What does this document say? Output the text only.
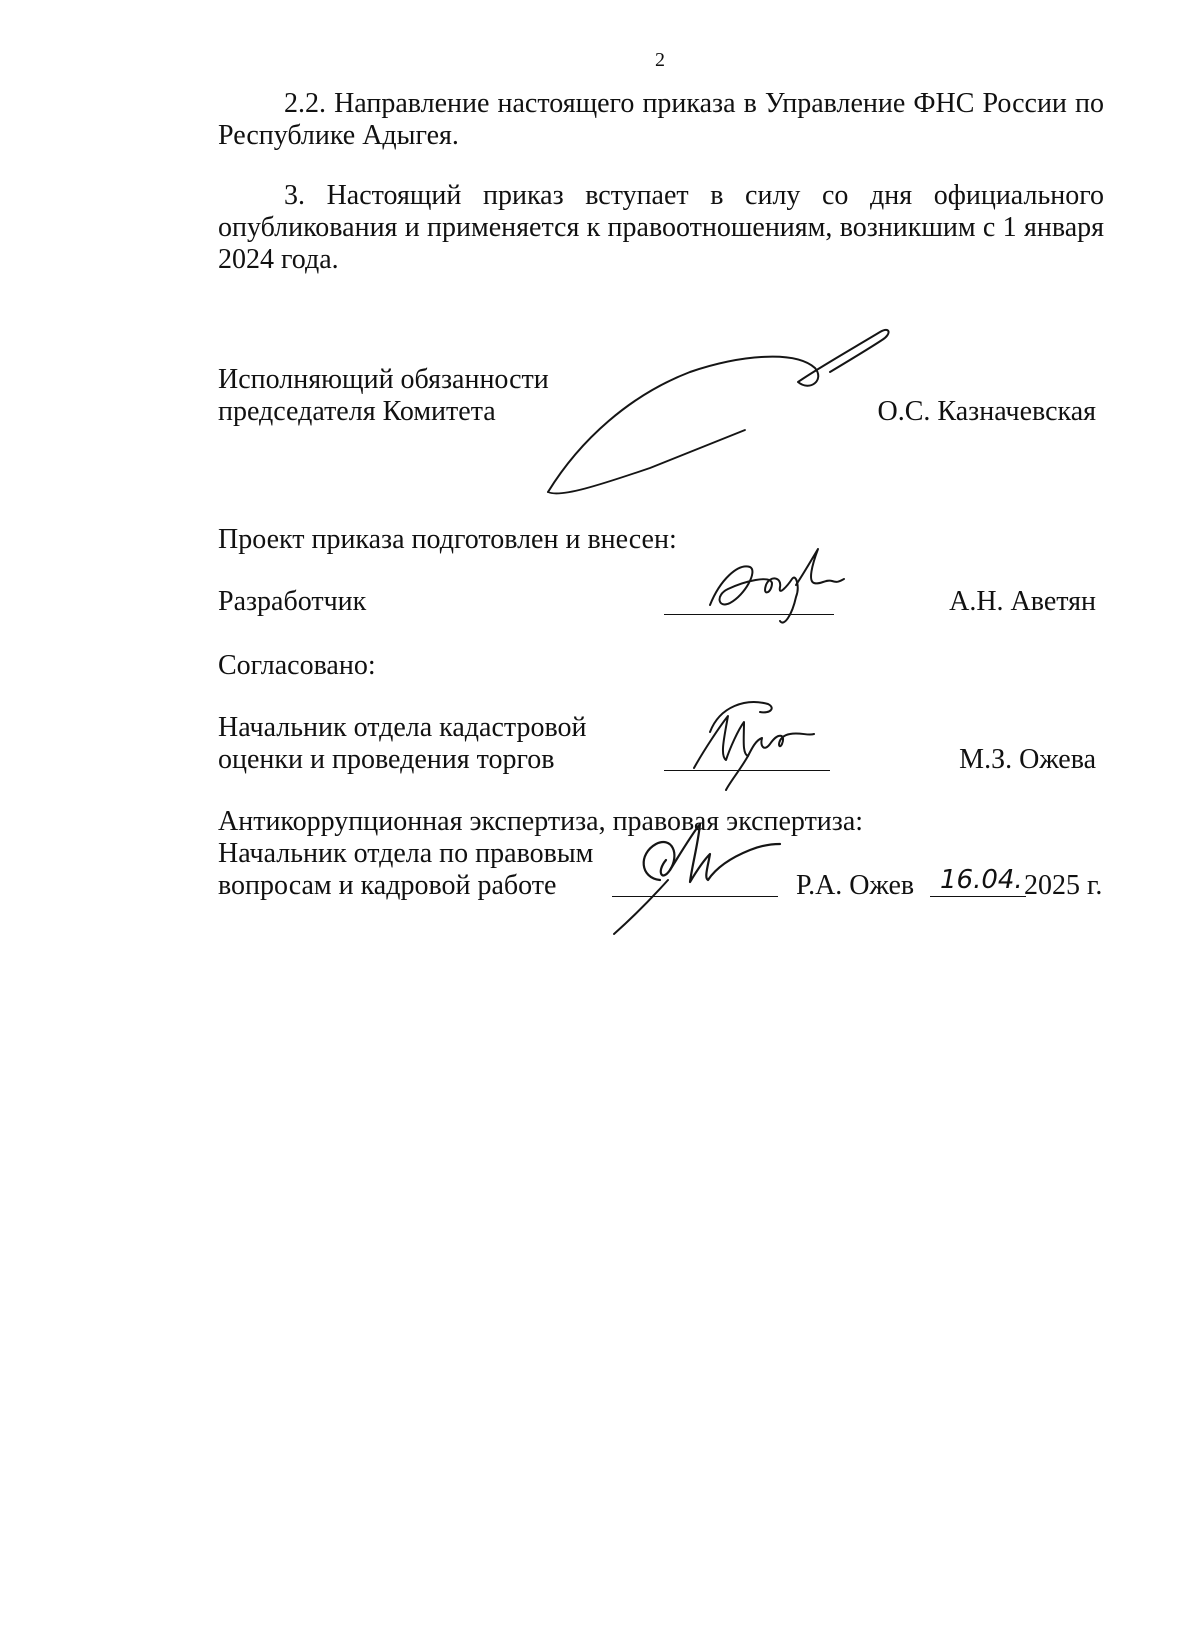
2
2.2. Направление настоящего приказа в Управление ФНС России по
Республике Адыгея.
3. Настоящий приказ вступает в силу со дня официального
опубликования и применяется к правоотношениям, возникшим с 1 января
2024 года.
Исполняющий обязанности
председателя Комитета	О.С. Казначевская
Проект приказа подготовлен и внесен:
Разработчик	А.Н. Аветян
Согласовано:
Начальник отдела кадастровой
оценки и проведения торгов	М.З. Ожева
Антикоррупционная экспертиза, правовая экспертиза:
Начальник отдела по правовым
вопросам и кадровой работе	Р.А. Ожев 16.04. 2025 г.
